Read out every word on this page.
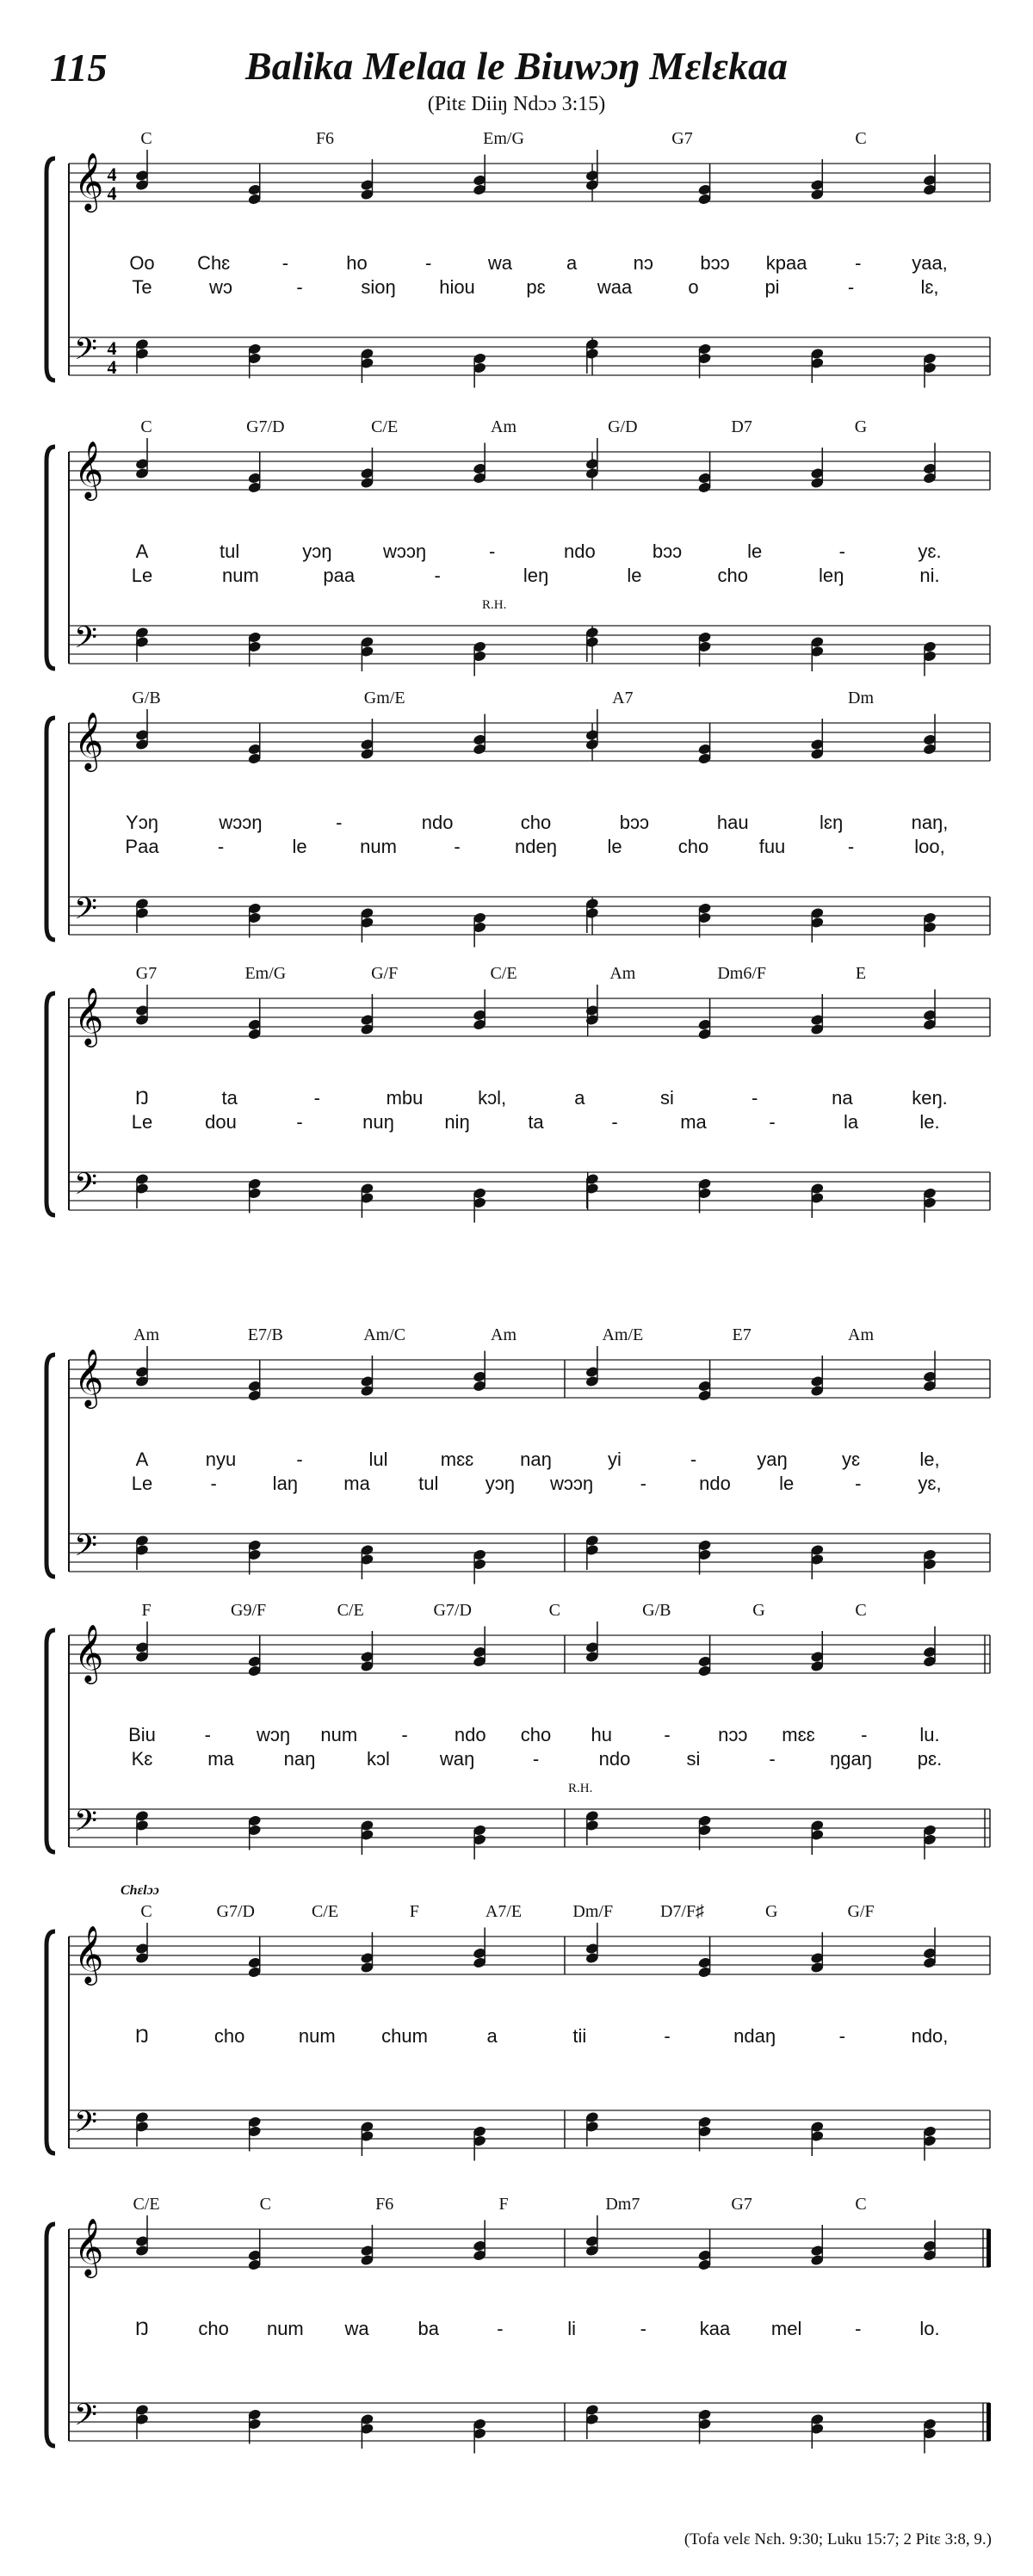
115	Balika Melaa le Biuwɔŋ Mɛlɛkaa
(Pitɛ Diiŋ Ndɔɔ 3:15)
𝄞
𝄢
4
4
4
4
C	F6	Em/G	G7	C
Oo Chɛ	-	ho	-	wa	a	nɔ bɔɔ kpaa	-	yaa,
Te	wɔ	-	sioŋ hiou	pɛ	waa	o	pi	-	lɛ,
𝄞
𝄢
C	G7/D	C/E	Am	G/D	D7	G
A	tul	yɔŋ	wɔɔŋ	-	ndo	bɔɔ	le	-	yɛ.
Le	num	paa	-	leŋ	le	cho	leŋ	ni.
R.H.
𝄞
𝄢
G/B	Gm/E	A7	Dm
Yɔŋ	wɔɔŋ	-	ndo	cho	bɔɔ	hau	lɛŋ	naŋ,
Paa	-	le	num	-	ndeŋ	le	cho	fuu	-	loo,
𝄞
𝄢
G7	Em/G	G/F	C/E	Am	Dm6/F	E
Ŋ	ta	-	mbu	kɔl,	a	si	-	na	keŋ.
Le	dou	-	nuŋ	niŋ	ta	-	ma	-	la	le.
𝄞
𝄢
Am	E7/B	Am/C	Am	Am/E	E7	Am
A	nyu	-	lul	mɛɛ naŋ	yi	-	yaŋ	yɛ	le,
Le	-	laŋ ma	tul yɔŋ wɔɔŋ -	ndo	le	-	yɛ,
𝄞
𝄢
F	G9/F	C/E	G7/D	C	G/B	G	C
Biu	- wɔŋ num - ndo cho hu	-	nɔɔ mɛɛ -	lu.
Kɛ	ma	naŋ	kɔl	waŋ	-	ndo	si	-	ŋgaŋ pɛ.
R.H.
𝄞
𝄢
C	G7/D	C/E	F	A7/E	Dm/F	D7/F♯	G	G/F
Ŋ	cho	num chum	a	tii	-	ndaŋ	-	ndo,
Chɛlɔɔ
𝄞
𝄢
C/E	C	F6	F	Dm7	G7	C
Ŋ	cho num wa	ba	-	li	-	kaa mel	-	lo.
(Tofa velɛ Nɛh. 9:30; Luku 15:7; 2 Pitɛ 3:8, 9.)
